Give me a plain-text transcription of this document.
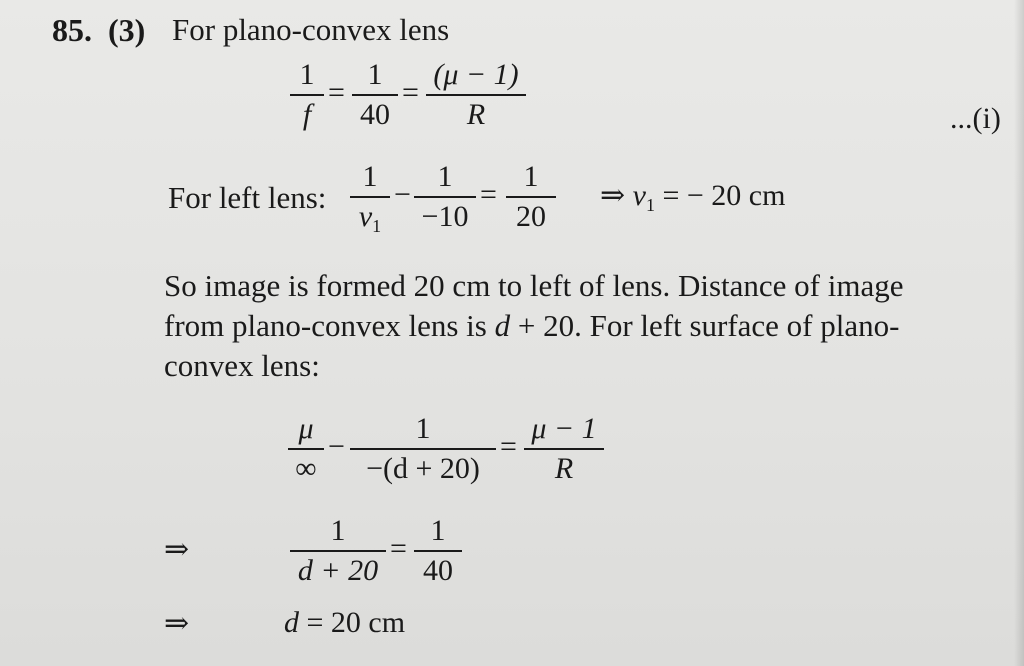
85. (3) For plano-convex lens
1
f
=
1
40
=
(μ − 1)
R	...(i)
For left lens:
1
$v_1$
−
1
−10
=
1
20
⇒ $v_1$ = − 20 cm
So image is formed 20 cm to left of lens. Distance of image
from plano-convex lens is d + 20. For left surface of plano-
convex lens:
μ
∞
−
1
−(d + 20)
=
μ − 1
R
⇒
1
d + 20
=
1
40
⇒	d = 20 cm
